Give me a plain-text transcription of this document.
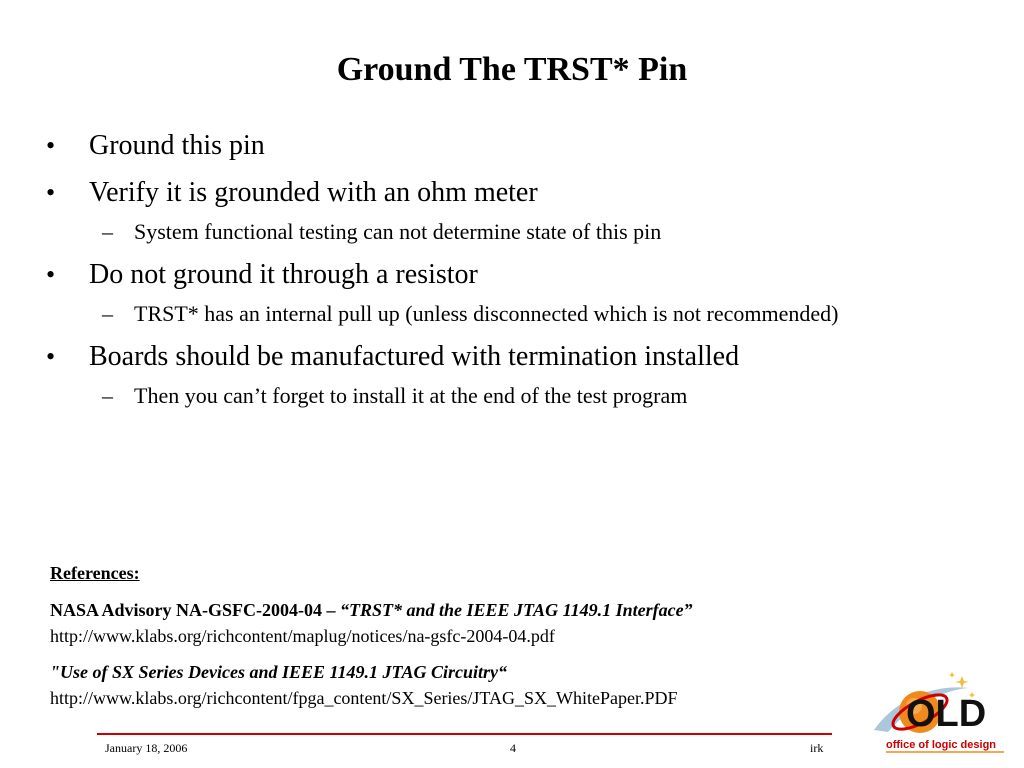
Ground The TRST* Pin
• Ground this pin
• Verify it is grounded with an ohm meter
– System functional testing can not determine state of this pin
• Do not ground it through a resistor
– TRST* has an internal pull up (unless disconnected which is not recommended)
• Boards should be manufactured with termination installed
– Then you can’t forget to install it at the end of the test program
References:
NASA Advisory NA-GSFC-2004-04 – “TRST* and the IEEE JTAG 1149.1 Interface”
http://www.klabs.org/richcontent/maplug/notices/na-gsfc-2004-04.pdf
"Use of SX Series Devices and IEEE 1149.1 JTAG Circuitry“
http://www.klabs.org/richcontent/fpga_content/SX_Series/JTAG_SX_WhitePaper.PDF
January 18, 2006	4	irk
OLD
office of logic design
